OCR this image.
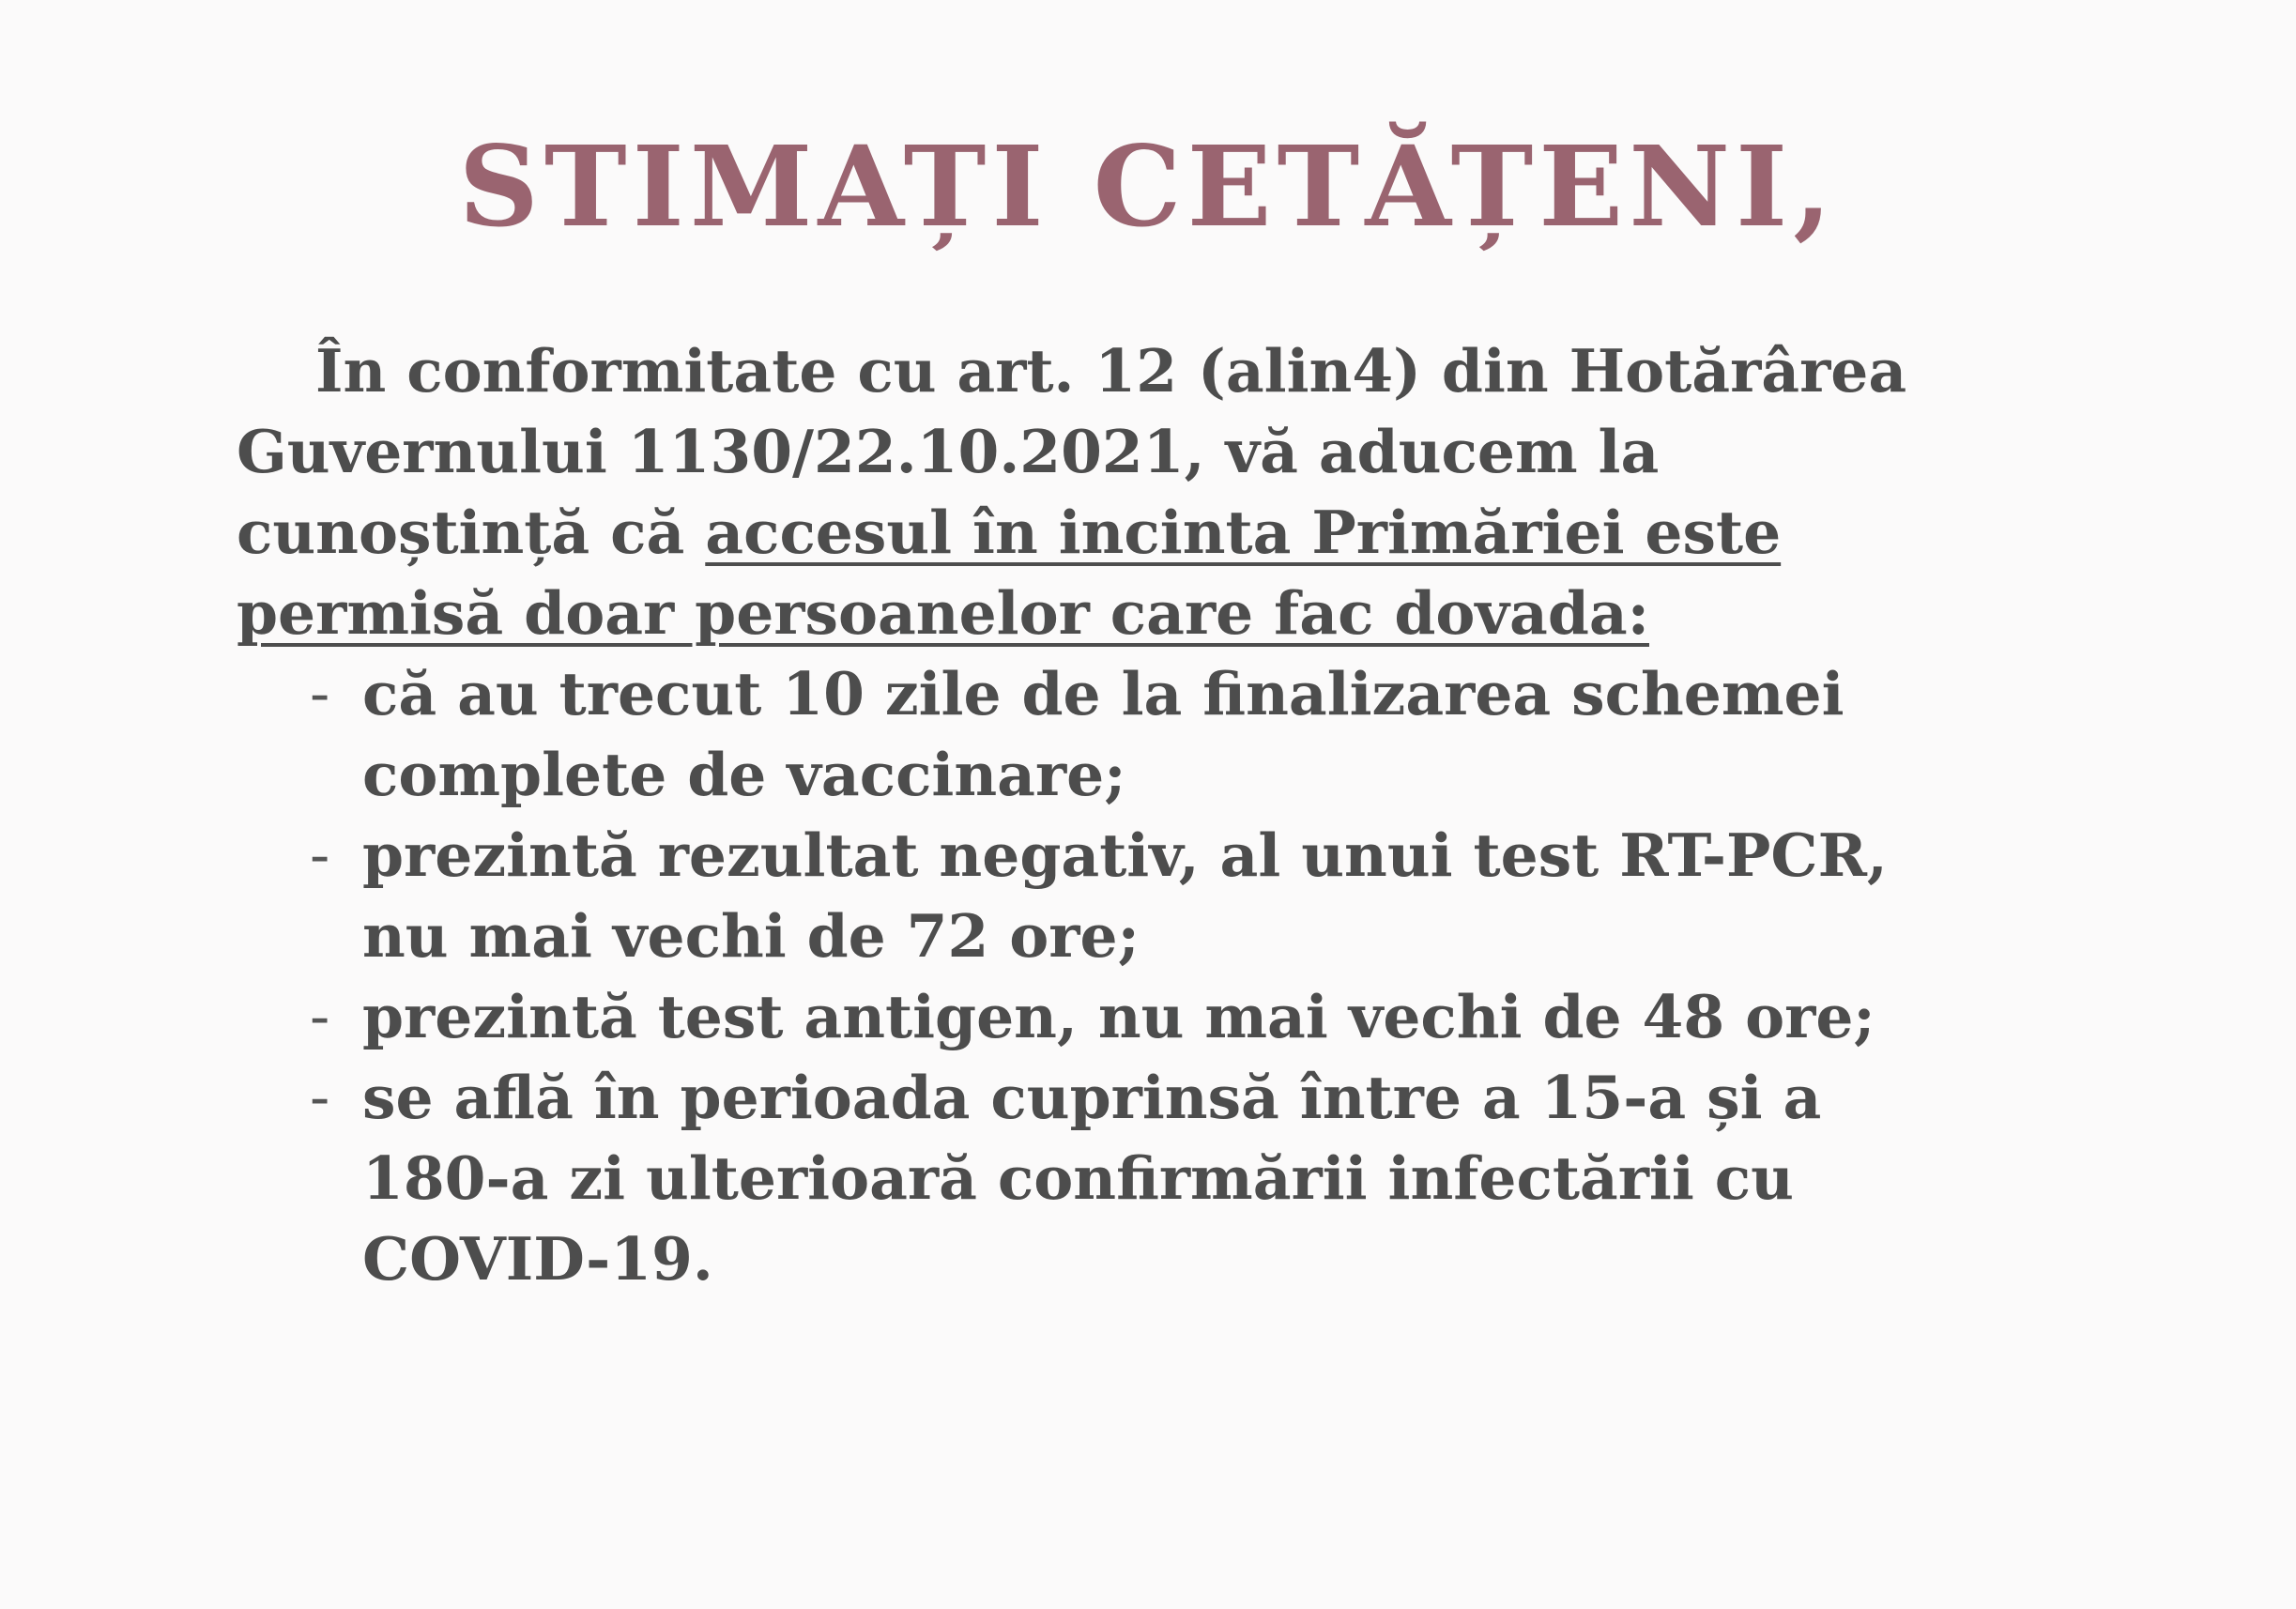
STIMAȚI CETĂȚENI,
În conformitate cu art. 12 (alin4) din Hotărârea
Guvernului 1130/22.10.2021, vă aducem la
cunoștință că accesul în incinta Primăriei este
permisă doar persoanelor care fac dovada:
- că au trecut 10 zile de la finalizarea schemei
complete de vaccinare;
- prezintă rezultat negativ, al unui test RT-PCR,
nu mai vechi de 72 ore;
- prezintă test antigen, nu mai vechi de 48 ore;
- se află în perioada cuprinsă între a 15-a și a
180-a zi ulterioară confirmării infectării cu
COVID-19.
